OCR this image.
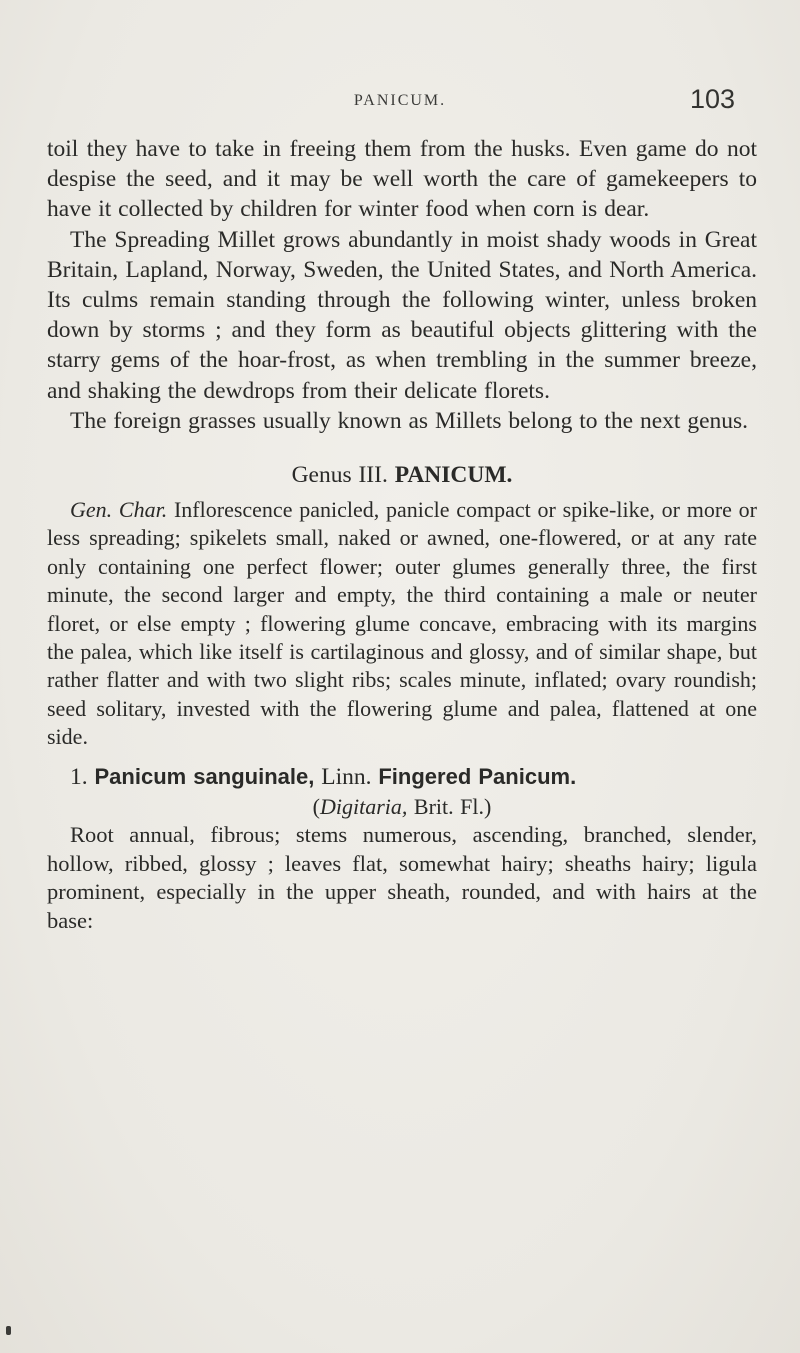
PANICUM.	103

toil they have to take in freeing them from the husks. Even game do not despise the seed, and it may be well worth the care of gamekeepers to have it collected by children for winter food when corn is dear.

The Spreading Millet grows abundantly in moist shady woods in Great Britain, Lapland, Norway, Sweden, the United States, and North America. Its culms remain standing through the following winter, unless broken down by storms ; and they form as beautiful objects glittering with the starry gems of the hoar-frost, as when trembling in the summer breeze, and shaking the dewdrops from their delicate florets.

The foreign grasses usually known as Millets belong to the next genus.

Genus III. PANICUM.

Gen. Char. Inflorescence panicled, panicle compact or spike-like, or more or less spreading; spikelets small, naked or awned, one-flowered, or at any rate only containing one perfect flower; outer glumes generally three, the first minute, the second larger and empty, the third containing a male or neuter floret, or else empty ; flowering glume concave, embracing with its margins the palea, which like itself is cartilaginous and glossy, and of similar shape, but rather flatter and with two slight ribs; scales minute, inflated; ovary roundish; seed solitary, invested with the flowering glume and palea, flattened at one side.

1. Panicum sanguinale, Linn. Fingered Panicum.

(Digitaria, Brit. Fl.)

Root annual, fibrous; stems numerous, ascending, branched, slender, hollow, ribbed, glossy ; leaves flat, somewhat hairy; sheaths hairy; ligula prominent, especially in the upper sheath, rounded, and with hairs at the base:
